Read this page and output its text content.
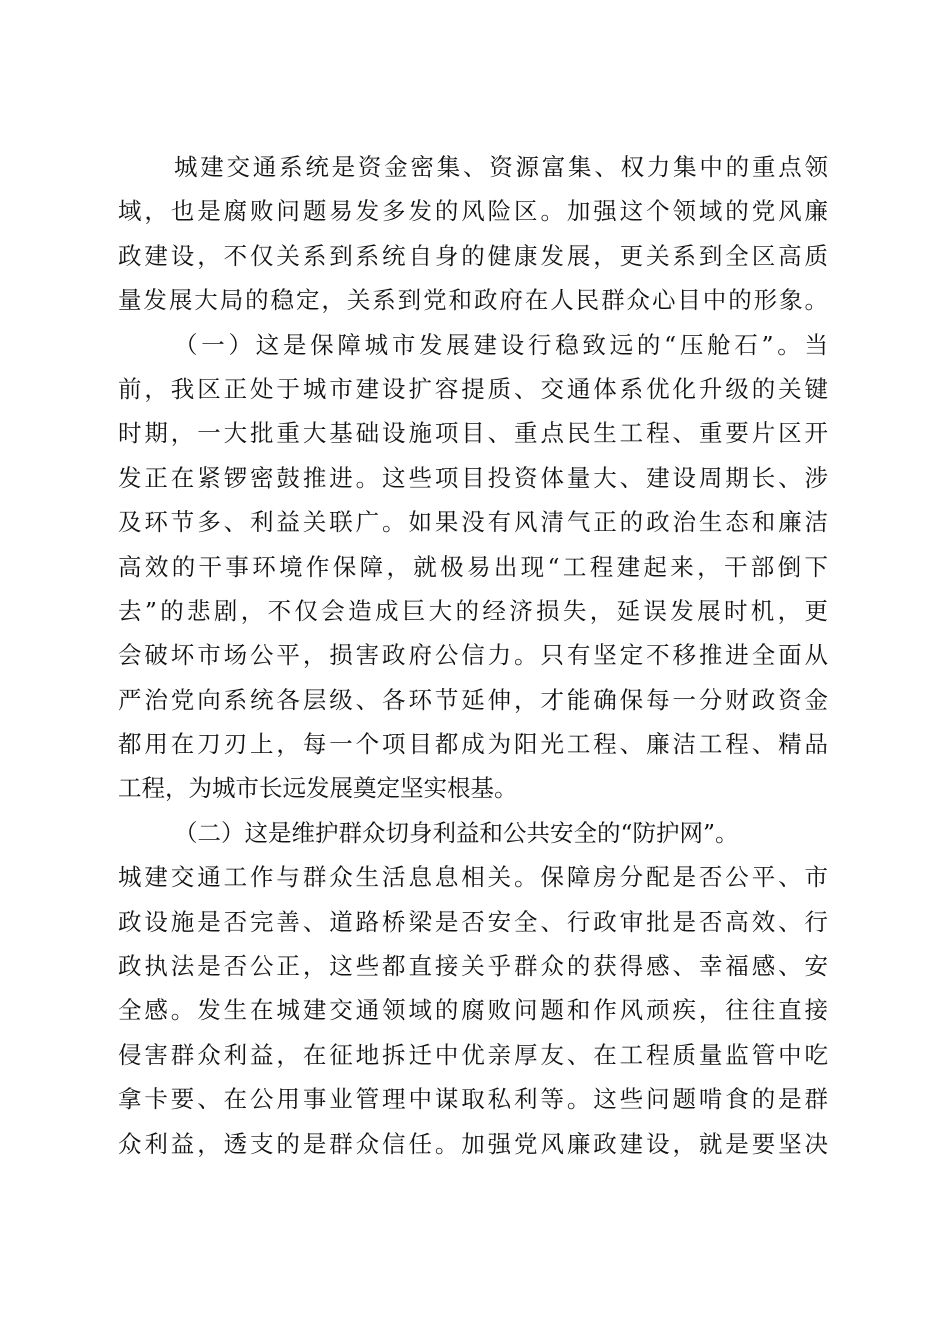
城建交通系统是资金密集、资源富集、权力集中的重点领
域，也是腐败问题易发多发的风险区。加强这个领域的党风廉
政建设，不仅关系到系统自身的健康发展，更关系到全区高质
量发展大局的稳定，关系到党和政府在人民群众心目中的形象。
（一）这是保障城市发展建设行稳致远的“压舱石”。当
前，我区正处于城市建设扩容提质、交通体系优化升级的关键
时期，一大批重大基础设施项目、重点民生工程、重要片区开
发正在紧锣密鼓推进。这些项目投资体量大、建设周期长、涉
及环节多、利益关联广。如果没有风清气正的政治生态和廉洁
高效的干事环境作保障，就极易出现“工程建起来，干部倒下
去”的悲剧，不仅会造成巨大的经济损失，延误发展时机，更
会破坏市场公平，损害政府公信力。只有坚定不移推进全面从
严治党向系统各层级、各环节延伸，才能确保每一分财政资金
都用在刀刃上，每一个项目都成为阳光工程、廉洁工程、精品
工程，为城市长远发展奠定坚实根基。
（二）这是维护群众切身利益和公共安全的“防护网”。
城建交通工作与群众生活息息相关。保障房分配是否公平、市
政设施是否完善、道路桥梁是否安全、行政审批是否高效、行
政执法是否公正，这些都直接关乎群众的获得感、幸福感、安
全感。发生在城建交通领域的腐败问题和作风顽疾，往往直接
侵害群众利益，在征地拆迁中优亲厚友、在工程质量监管中吃
拿卡要、在公用事业管理中谋取私利等。这些问题啃食的是群
众利益，透支的是群众信任。加强党风廉政建设，就是要坚决
